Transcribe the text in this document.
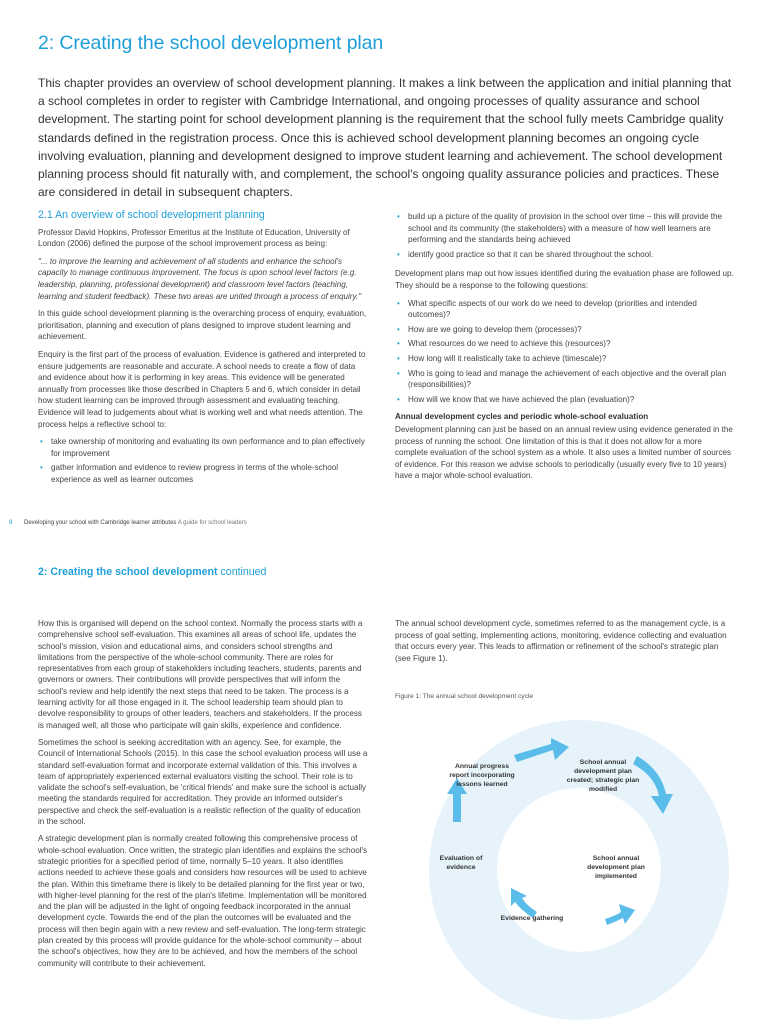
2: Creating the school development plan

This chapter provides an overview of school development planning. It makes a link between the application and initial planning that a school completes in order to register with Cambridge International, and ongoing processes of quality assurance and school development. The starting point for school development planning is the requirement that the school fully meets Cambridge quality standards defined in the registration process. Once this is achieved school development planning becomes an ongoing cycle involving evaluation, planning and development designed to improve student learning and achievement. The school development planning process should fit naturally with, and complement, the school's ongoing quality assurance policies and practices. These are considered in detail in subsequent chapters.

2.1 An overview of school development planning

Professor David Hopkins, Professor Emeritus at the Institute of Education, University of London (2006) defined the purpose of the school improvement process as being:

"... to improve the learning and achievement of all students and enhance the school's capacity to manage continuous improvement. The focus is upon school level factors (e.g. leadership, planning, professional development) and classroom level factors (teaching, learning and student feedback). These two areas are united through a process of enquiry."

In this guide school development planning is the overarching process of enquiry, evaluation, prioritisation, planning and execution of plans designed to improve student learning and achievement.

Enquiry is the first part of the process of evaluation. Evidence is gathered and interpreted to ensure judgements are reasonable and accurate. A school needs to create a flow of data and evidence about how it is performing in key areas. This evidence will be generated annually from processes like those described in Chapters 5 and 6, which consider in detail how student learning can be improved through assessment and evaluating teaching. Evidence will lead to judgements about what is working well and what needs attention. The process helps a reflective school to:

• take ownership of monitoring and evaluating its own performance and to plan effectively for improvement
• gather information and evidence to review progress in terms of the whole-school experience as well as learner outcomes
• build up a picture of the quality of provision in the school over time – this will provide the school and its community (the stakeholders) with a measure of how well learners are performing and the standards being achieved
• identify good practice so that it can be shared throughout the school.

Development plans map out how issues identified during the evaluation phase are followed up. They should be a response to the following questions:

• What specific aspects of our work do we need to develop (priorities and intended outcomes)?
• How are we going to develop them (processes)?
• What resources do we need to achieve this (resources)?
• How long will it realistically take to achieve (timescale)?
• Who is going to lead and manage the achievement of each objective and the overall plan (responsibilities)?
• How will we know that we have achieved the plan (evaluation)?
Annual development cycles and periodic whole-school evaluation

Development planning can just be based on an annual review using evidence generated in the process of running the school. One limitation of this is that it does not allow for a more complete evaluation of the school system as a whole. It also uses a limited number of sources of evidence. For this reason we advise schools to periodically (usually every five to 10 years) have a major whole-school evaluation.

8 Developing your school with Cambridge learner attributes A guide for school leaders
2: Creating the school development continued

How this is organised will depend on the school context. Normally the process starts with a comprehensive school self-evaluation. This examines all areas of school life, updates the school's mission, vision and educational aims, and considers school strengths and limitations from the perspective of the whole-school community. There are roles for representatives from each group of stakeholders including teachers, students, parents and governors or owners. Their contributions will provide perspectives that will inform the school's review and help identify the next steps that need to be taken. The process is a learning activity for all those engaged in it. The school leadership team should plan to devolve responsibility to groups of other leaders, teachers and stakeholders. If the process is managed well, all those who participate will gain skills, experience and confidence.

Sometimes the school is seeking accreditation with an agency. See, for example, the Council of International Schools (2015). In this case the school evaluation process will use a standard self-evaluation format and incorporate external validation of this. This involves a team of appropriately experienced external evaluators visiting the school. Their role is to validate the school's self-evaluation, be 'critical friends' and make sure the school is actually meeting the standards required for accreditation. They provide an informed outsider's perspective and check the self-evaluation is a realistic reflection of the quality of education in the school.

A strategic development plan is normally created following this comprehensive process of whole-school evaluation. Once written, the strategic plan identifies and explains the school's strategic priorities for a specified period of time, normally 5–10 years. It also identifies actions needed to achieve these goals and considers how resources will be used to achieve the plan. Within this timeframe there is likely to be detailed planning for the first year or two, with higher-level planning for the rest of the plan's lifetime. Implementation will be monitored and the plan will be adjusted in the light of ongoing feedback incorporated in the annual development cycle. Towards the end of the plan the outcomes will be evaluated and the process will then begin again with a new review and self-evaluation. The long-term strategic plan created by this process will provide guidance for the whole-school community – about the school's objectives, how they are to be achieved, and how the members of the school community will contribute to their achievement.

The annual school development cycle, sometimes referred to as the management cycle, is a process of goal setting, implementing actions, monitoring, evidence collecting and evaluation that occurs every year. This leads to affirmation or refinement of the school's strategic plan (see Figure 1).

Figure 1: The annual school development cycle
School annual development plan created; strategic plan modified
School annual development plan implemented
Evidence gathering
Evaluation of evidence
Annual progress report incorporating lessons learned
